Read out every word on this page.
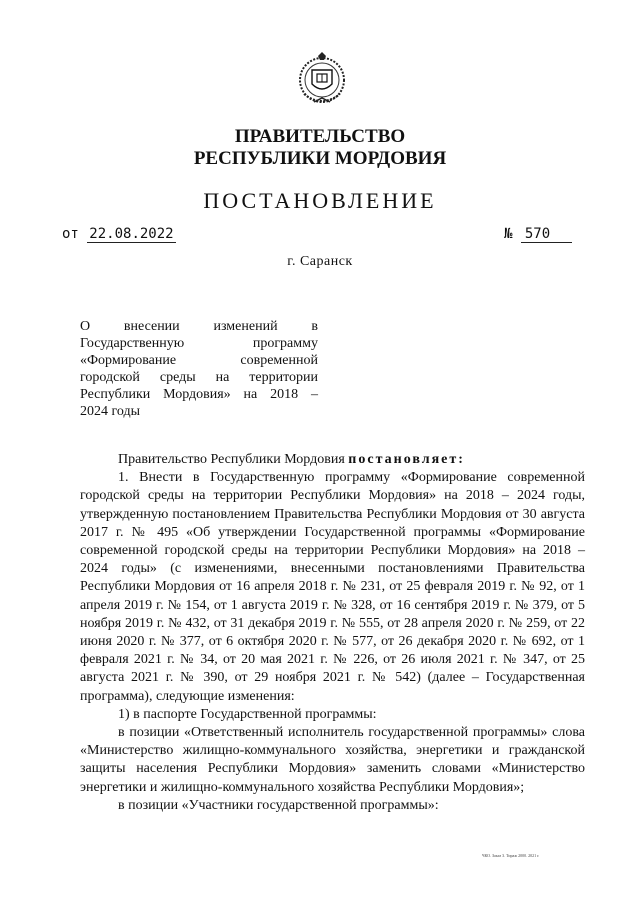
ПРАВИТЕЛЬСТВО
РЕСПУБЛИКИ МОРДОВИЯ
ПОСТАНОВЛЕНИЕ
от 22.08.2022	№ 570
г. Саранск
О внесении изменений в
Государственную программу
«Формирование современной
городской среды на территории
Республики Мордовия» на 2018 –
2024 годы

Правительство Республики Мордовия постановляет:

1. Внести в Государственную программу «Формирование современной городской среды на территории Республики Мордовия» на 2018 – 2024 годы, утвержденную постановлением Правительства Республики Мордовия от 30 августа 2017 г. № 495 «Об утверждении Государственной программы «Формирование современной городской среды на территории Республики Мордовия» на 2018 – 2024 годы» (с изменениями, внесенными постановлениями Правительства Республики Мордовия от 16 апреля 2018 г. № 231, от 25 февраля 2019 г. № 92, от 1 апреля 2019 г. № 154, от 1 августа 2019 г. № 328, от 16 сентября 2019 г. № 379, от 5 ноября 2019 г. № 432, от 31 декабря 2019 г. № 555, от 28 апреля 2020 г. № 259, от 22 июня 2020 г. № 377, от 6 октября 2020 г. № 577, от 26 декабря 2020 г. № 692, от 1 февраля 2021 г. № 34, от 20 мая 2021 г. № 226, от 26 июля 2021 г. № 347, от 25 августа 2021 г. № 390, от 29 ноября 2021 г. № 542) (далее – Государственная программа), следующие изменения:

1) в паспорте Государственной программы:

в позиции «Ответственный исполнитель государственной программы» слова «Министерство жилищно-коммунального хозяйства, энергетики и гражданской защиты населения Республики Мордовия» заменить словами «Министерство энергетики и жилищно-коммунального хозяйства Республики Мордовия»;

в позиции «Участники государственной программы»:

ЧКО. Заказ 3. Тираж 2000. 2021 г.
